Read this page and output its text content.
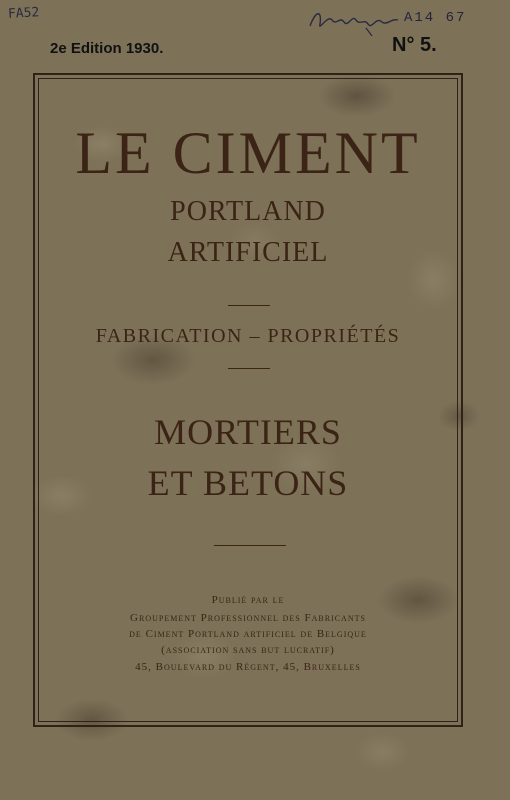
FA52	A14 67
2e Edition 1930.	N° 5.
LE CIMENT
PORTLAND
ARTIFICIEL
FABRICATION – PROPRIÉTÉS
MORTIERS
ET BETONS
Publié par le
Groupement Professionnel des Fabricants
de Ciment Portland artificiel de Belgique
(association sans but lucratif)
45, Boulevard du Régent, 45, Bruxelles
